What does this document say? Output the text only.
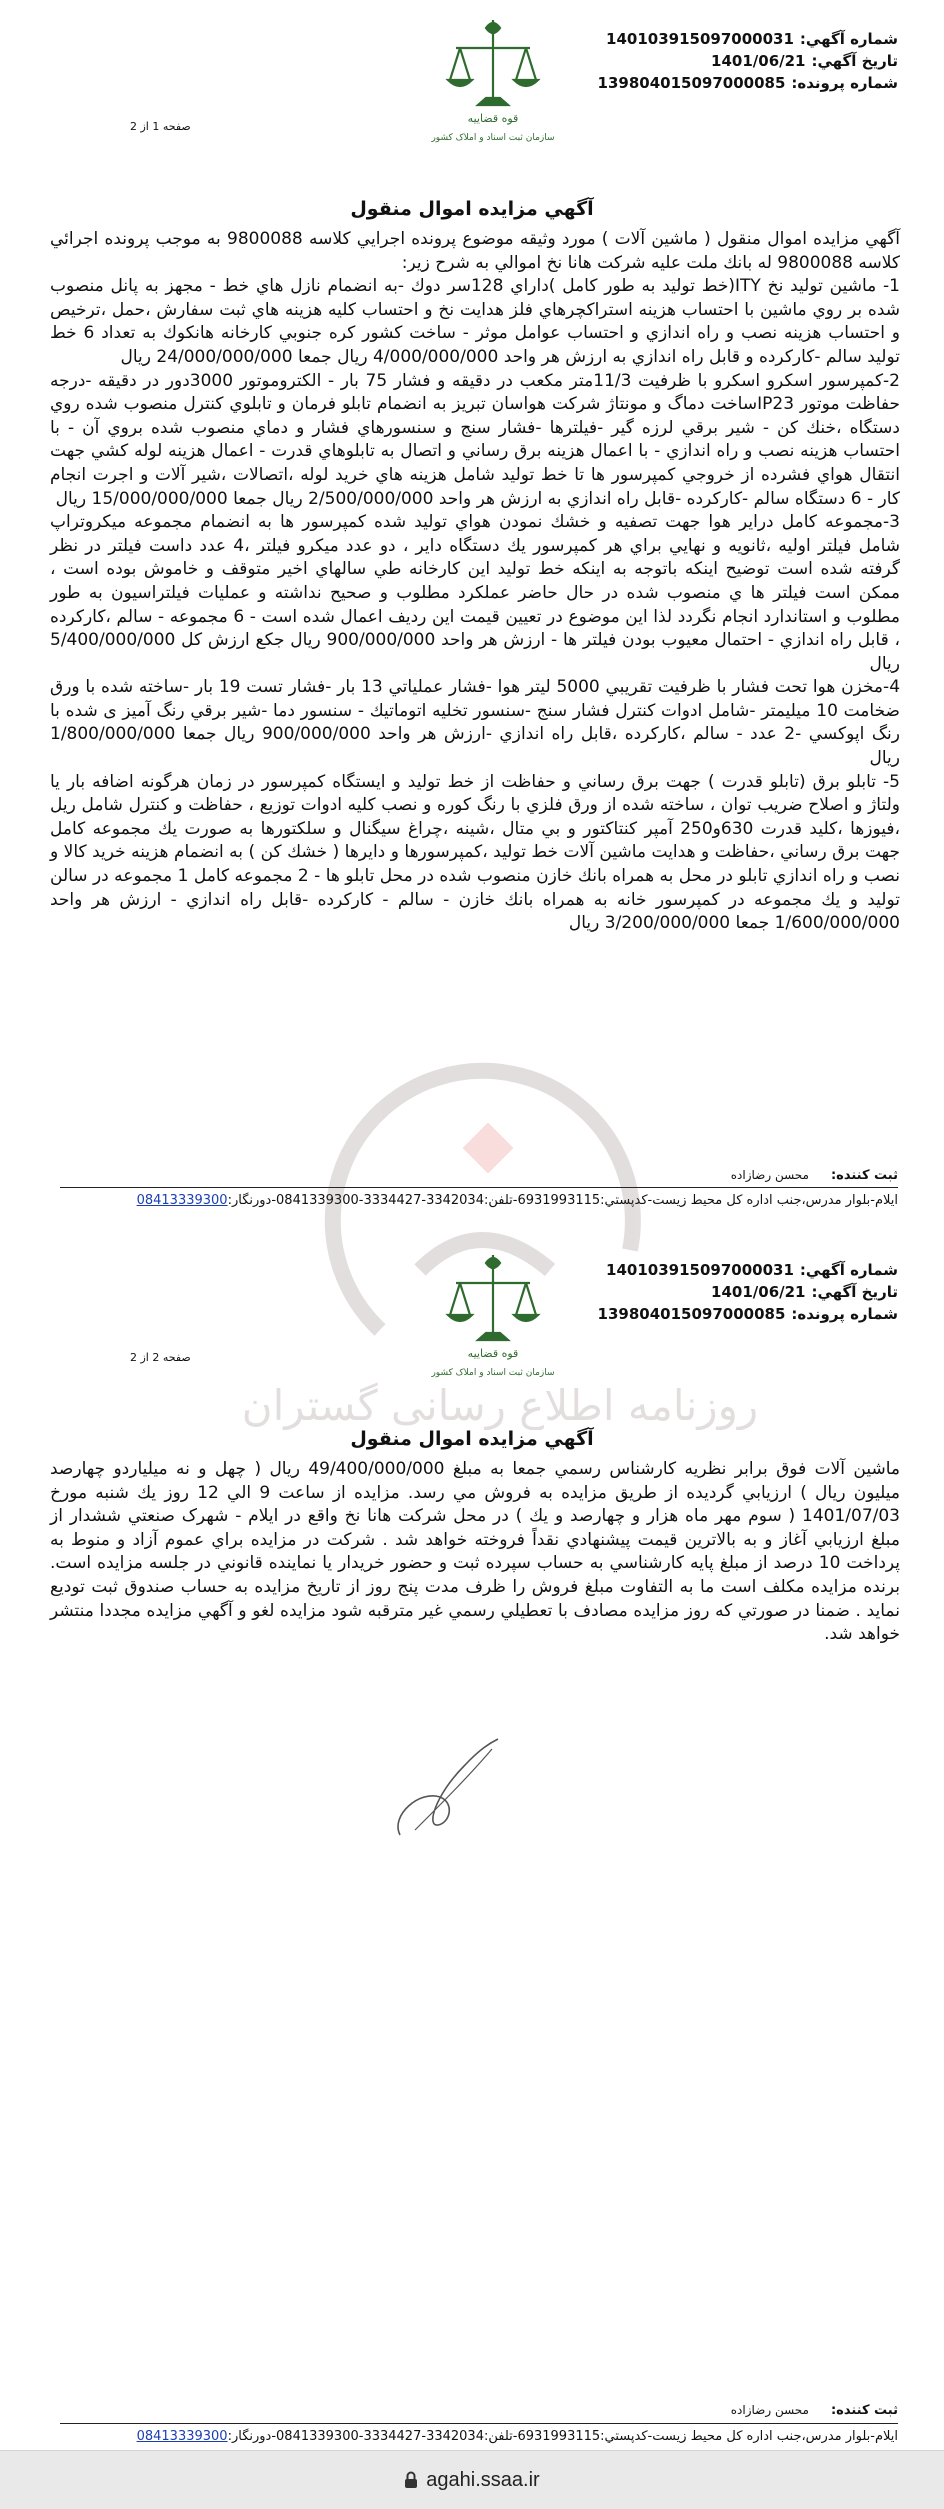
شماره آگهي:140103915097000031
تاريخ آگهي:1401/06/21
شماره پرونده:139804015097000085
قوه قضاییه
سازمان ثبت اسناد و املاک کشور
صفحه 1 از 2
آگهي مزايده اموال منقول

آگهي مزايده اموال منقول ( ماشين آلات ) مورد وثيقه موضوع پرونده اجرايي كلاسه 9800088 به موجب پرونده اجرائي كلاسه 9800088 له بانك ملت عليه شركت هانا نخ اموالي به شرح زير:

1- ماشين توليد نخ ITY(خط توليد به طور كامل )داراي 128سر دوك -به انضمام نازل هاي خط - مجهز به پانل منصوب شده بر روي ماشين با احتساب هزينه استراكچرهاي فلز هدايت نخ و احتساب كليه هزينه هاي ثبت سفارش ،حمل ،ترخيص و احتساب هزينه نصب و راه اندازي و احتساب عوامل موثر - ساخت كشور كره جنوبي كارخانه هانكوك به تعداد 6 خط توليد سالم -كاركرده و قابل راه اندازي به ارزش هر واحد 4/000/000/000 ريال جمعا 24/000/000/000 ريال

2-كمپرسور اسكرو اسكرو با ظرفيت 11/3متر مكعب در دقيقه و فشار 75 بار - الكتروموتور 3000دور در دقيقه -درجه حفاظت موتور IP23ساخت دماگ و مونتاژ شركت هواسان تبريز به انضمام تابلو فرمان و تابلوي كنترل منصوب شده روي دستگاه ،خنك كن - شير برقي لرزه گير -فيلترها -فشار سنج و سنسورهاي فشار و دماي منصوب شده بروي آن - با احتساب هزينه نصب و راه اندازي - با اعمال هزينه برق رساني و اتصال به تابلوهاي قدرت - اعمال هزينه لوله كشي جهت انتقال هواي فشرده از خروجي كمپرسور ها تا خط توليد شامل هزينه هاي خريد لوله ،اتصالات ،شير آلات و اجرت انجام كار - 6 دستگاه سالم -كاركرده -قابل راه اندازي به ارزش هر واحد 2/500/000/000 ريال جمعا 15/000/000/000 ريال

3-مجموعه كامل دراير هوا جهت تصفيه و خشك نمودن هواي توليد شده كمپرسور ها به انضمام مجموعه ميكروتراپ شامل فيلتر اوليه ،ثانويه و نهايي براي هر كمپرسور يك دستگاه داير ، دو عدد ميكرو فيلتر ،4 عدد داست فيلتر در نظر گرفته شده است توضيح اينكه باتوجه به اينكه خط توليد اين كارخانه طي سالهاي اخير متوقف و خاموش بوده است ، ممكن است فيلتر ها ي منصوب شده در حال حاضر عملكرد مطلوب و صحيح نداشته و عمليات فيلتراسيون به طور مطلوب و استاندارد انجام نگردد لذا اين موضوع در تعيين قيمت اين رديف اعمال شده است - 6 مجموعه - سالم ،كاركرده ، قابل راه اندازي - احتمال معيوب بودن فيلتر ها - ارزش هر واحد 900/000/000 ريال جكع ارزش كل 5/400/000/000 ريال

4-مخزن هوا تحت فشار با ظرفيت تقريبي 5000 ليتر هوا -فشار عملياتي 13 بار -فشار تست 19 بار -ساخته شده با ورق ضخامت 10 ميليمتر -شامل ادوات كنترل فشار سنج -سنسور تخليه اتوماتيك - سنسور دما -شير برقي رنگ آميز ی شده با رنگ اپوكسي -2 عدد - سالم ،كاركرده ،قابل راه اندازي -ارزش هر واحد 900/000/000 ريال جمعا 1/800/000/000 ريال

5- تابلو برق (تابلو قدرت ) جهت برق رساني و حفاظت از خط توليد و ايستگاه كمپرسور در زمان هرگونه اضافه بار يا ولتاژ و اصلاح ضريب توان ، ساخته شده از ورق فلزي با رنگ كوره و نصب كليه ادوات توزيع ، حفاظت و كنترل شامل ريل ،فيوزها ،كليد قدرت 630و250 آمپر كنتاكتور و بي متال ،شينه ،چراغ سيگنال و سلكتورها به صورت يك مجموعه كامل جهت برق رساني ،حفاظت و هدايت ماشين آلات خط توليد ،كمپرسورها و دايرها ( خشك كن ) به انضمام هزينه خريد كالا و نصب و راه اندازي تابلو در محل به همراه بانك خازن منصوب شده در محل تابلو ها - 2 مجموعه كامل 1 مجموعه در سالن توليد و يك مجموعه در كمپرسور خانه به همراه بانك خازن - سالم - كاركرده -قابل راه اندازي - ارزش هر واحد 1/600/000/000 جمعا 3/200/000/000 ريال

ثبت كننده:محسن رضازاده
ايلام-بلوار مدرس،جنب اداره كل محيط زيست-كدپستي:6931993115-تلفن:3342034-3334427-0841339300-دورنگار:08413339300
روزنامه اطلاع رسانی گستران
شماره آگهي:140103915097000031
تاريخ آگهي:1401/06/21
شماره پرونده:139804015097000085
قوه قضاییه
سازمان ثبت اسناد و املاک کشور
صفحه 2 از 2
آگهي مزايده اموال منقول

ماشين آلات فوق برابر نظريه كارشناس رسمي جمعا به مبلغ 49/400/000/000 ريال ( چهل و نه ميلياردو چهارصد ميليون ريال ) ارزيابي گرديده از طريق مزايده به فروش مي رسد. مزايده از ساعت 9 الي 12 روز يك شنبه مورخ 1401/07/03 ( سوم مهر ماه هزار و چهارصد و يك ) در محل شركت هانا نخ واقع در ايلام - شهرک صنعتي ششدار از مبلغ ارزيابي آغاز و به بالاترين قيمت پيشنهادي نقداً فروخته خواهد شد . شركت در مزايده براي عموم آزاد و منوط به پرداخت 10 درصد از مبلغ پايه كارشناسي به حساب سپرده ثبت و حضور خريدار يا نماينده قانوني در جلسه مزايده است. برنده مزايده مكلف است ما به التفاوت مبلغ فروش را ظرف مدت پنج روز از تاريخ مزايده به حساب صندوق ثبت توديع نمايد . ضمنا در صورتي كه روز مزايده مصادف با تعطيلي رسمي غير مترقبه شود مزايده لغو و آگهي مزايده مجددا منتشر خواهد شد.

ثبت كننده:محسن رضازاده
ايلام-بلوار مدرس،جنب اداره كل محيط زيست-كدپستي:6931993115-تلفن:3342034-3334427-0841339300-دورنگار:08413339300
agahi.ssaa.ir
